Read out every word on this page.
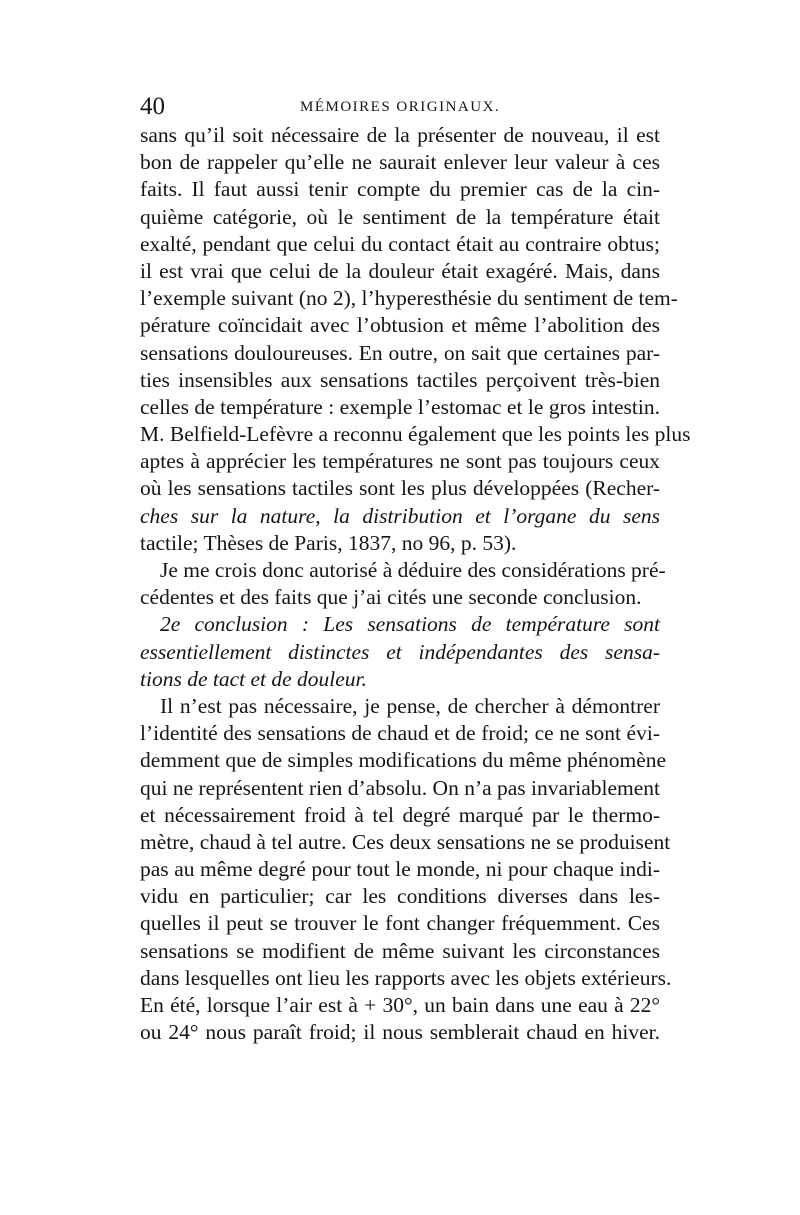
40	MÉMOIRES ORIGINAUX.
sans qu’il soit nécessaire de la présenter de nouveau, il est
bon de rappeler qu’elle ne saurait enlever leur valeur à ces
faits. Il faut aussi tenir compte du premier cas de la cin-
quième catégorie, où le sentiment de la température était
exalté, pendant que celui du contact était au contraire obtus;
il est vrai que celui de la douleur était exagéré. Mais, dans
l’exemple suivant (no 2), l’hyperesthésie du sentiment de tem-
pérature coïncidait avec l’obtusion et même l’abolition des
sensations douloureuses. En outre, on sait que certaines par-
ties insensibles aux sensations tactiles perçoivent très-bien
celles de température : exemple l’estomac et le gros intestin.
M. Belfield-Lefèvre a reconnu également que les points les plus
aptes à apprécier les températures ne sont pas toujours ceux
où les sensations tactiles sont les plus développées (Recher-
ches sur la nature, la distribution et l’organe du sens
tactile; Thèses de Paris, 1837, no 96, p. 53).
Je me crois donc autorisé à déduire des considérations pré-
cédentes et des faits que j’ai cités une seconde conclusion.
2e conclusion : Les sensations de température sont
essentiellement distinctes et indépendantes des sensa-
tions de tact et de douleur.
Il n’est pas nécessaire, je pense, de chercher à démontrer
l’identité des sensations de chaud et de froid; ce ne sont évi-
demment que de simples modifications du même phénomène
qui ne représentent rien d’absolu. On n’a pas invariablement
et nécessairement froid à tel degré marqué par le thermo-
mètre, chaud à tel autre. Ces deux sensations ne se produisent
pas au même degré pour tout le monde, ni pour chaque indi-
vidu en particulier; car les conditions diverses dans les-
quelles il peut se trouver le font changer fréquemment. Ces
sensations se modifient de même suivant les circonstances
dans lesquelles ont lieu les rapports avec les objets extérieurs.
En été, lorsque l’air est à + 30°, un bain dans une eau à 22°
ou 24° nous paraît froid; il nous semblerait chaud en hiver.
